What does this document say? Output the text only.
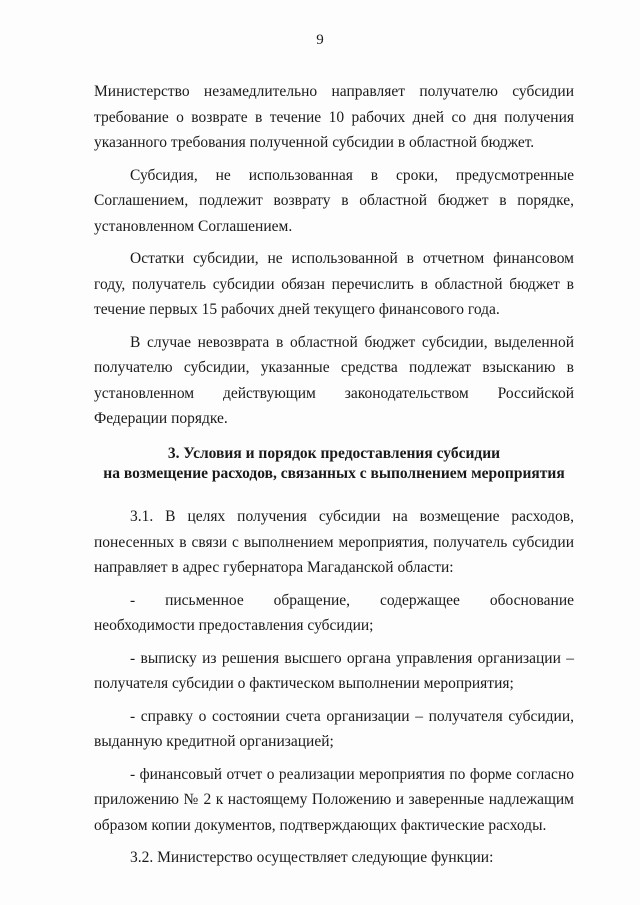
9

Министерство незамедлительно направляет получателю субсидии требование о возврате в течение 10 рабочих дней со дня получения указанного требования полученной субсидии в областной бюджет.

Субсидия, не использованная в сроки, предусмотренные Соглашением, подлежит возврату в областной бюджет в порядке, установленном Соглашением.

Остатки субсидии, не использованной в отчетном финансовом году, получатель субсидии обязан перечислить в областной бюджет в течение первых 15 рабочих дней текущего финансового года.

В случае невозврата в областной бюджет субсидии, выделенной получателю субсидии, указанные средства подлежат взысканию в установленном действующим законодательством Российской Федерации порядке.

3. Условия и порядок предоставления субсидии
на возмещение расходов, связанных с выполнением мероприятия

3.1. В целях получения субсидии на возмещение расходов, понесенных в связи с выполнением мероприятия, получатель субсидии направляет в адрес губернатора Магаданской области:

- письменное обращение, содержащее обоснование необходимости предоставления субсидии;

- выписку из решения высшего органа управления организации – получателя субсидии о фактическом выполнении мероприятия;

- справку о состоянии счета организации – получателя субсидии, выданную кредитной организацией;

- финансовый отчет о реализации мероприятия по форме согласно приложению № 2 к настоящему Положению и заверенные надлежащим образом копии документов, подтверждающих фактические расходы.

3.2. Министерство осуществляет следующие функции:
